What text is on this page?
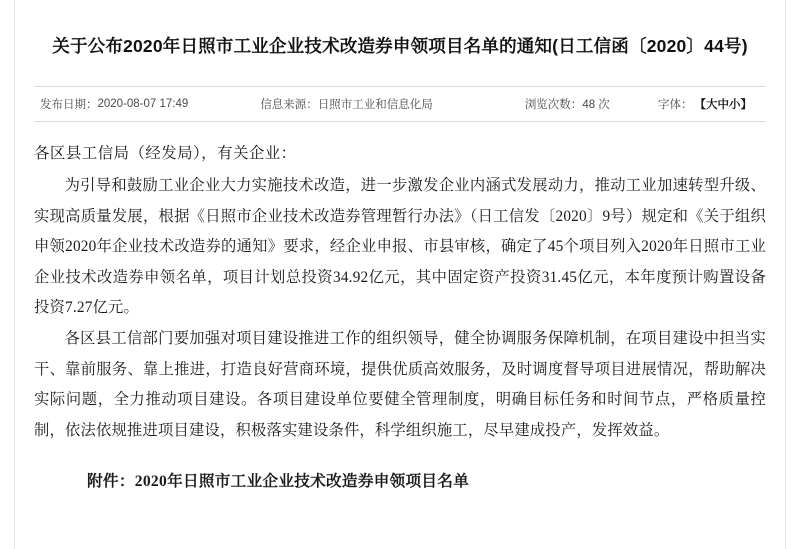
关于公布2020年日照市工业企业技术改造券申领项目名单的通知(日工信函〔2020〕44号)
发布日期： 2020-08-07 17:49	信息来源： 日照市工业和信息化局	浏览次数： 48 次	字体： 【大中小】

各区县工信局（经发局），有关企业：

为引导和鼓励工业企业大力实施技术改造，进一步激发企业内涵式发展动力，推动工业加速转型升级、实现高质量发展，根据《日照市企业技术改造券管理暂行办法》（日工信发〔2020〕9号）规定和《关于组织申领2020年企业技术改造券的通知》要求，经企业申报、市县审核，确定了45个项目列入2020年日照市工业企业技术改造券申领名单，项目计划总投资34.92亿元，其中固定资产投资31.45亿元，本年度预计购置设备投资7.27亿元。

各区县工信部门要加强对项目建设推进工作的组织领导，健全协调服务保障机制，在项目建设中担当实干、靠前服务、靠上推进，打造良好营商环境，提供优质高效服务，及时调度督导项目进展情况，帮助解决实际问题，全力推动项目建设。各项目建设单位要健全管理制度，明确目标任务和时间节点，严格质量控制，依法依规推进项目建设，积极落实建设条件，科学组织施工，尽早建成投产，发挥效益。

附件：2020年日照市工业企业技术改造券申领项目名单
